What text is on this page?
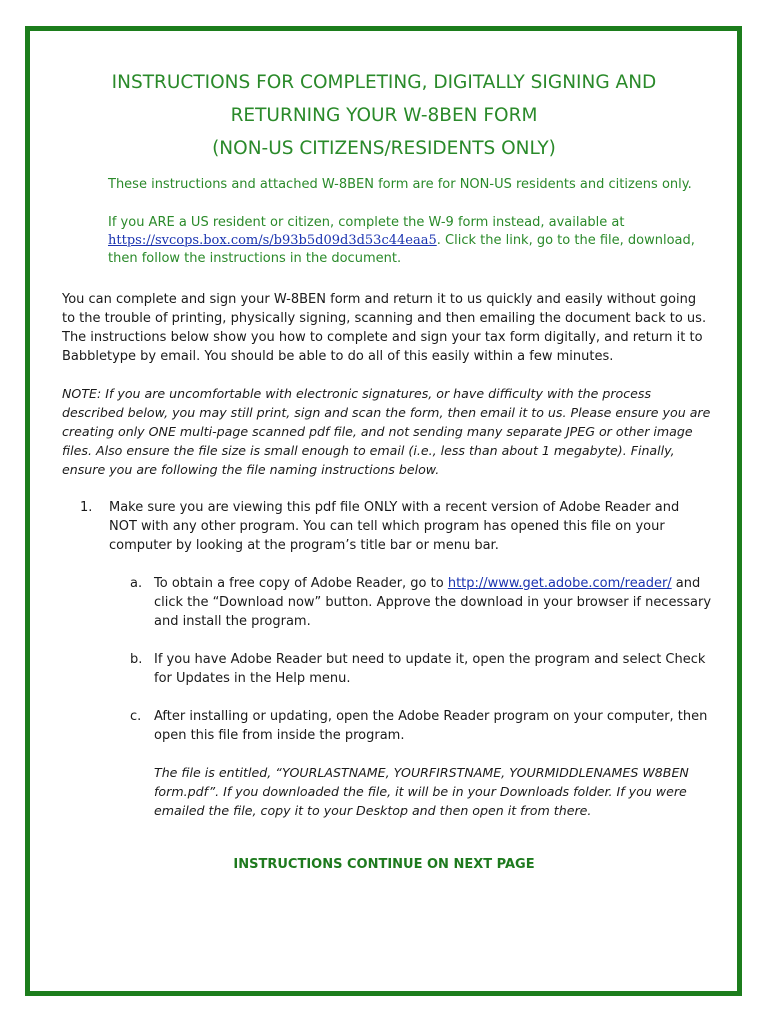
INSTRUCTIONS FOR COMPLETING, DIGITALLY SIGNING AND
RETURNING YOUR W-8BEN FORM
(NON-US CITIZENS/RESIDENTS ONLY)
These instructions and attached W-8BEN form are for NON-US residents and citizens only.
If you ARE a US resident or citizen, complete the W-9 form instead, available at
https://svcops.box.com/s/b93b5d09d3d53c44eaa5. Click the link, go to the file, download, then follow the instructions in the document.
You can complete and sign your W-8BEN form and return it to us quickly and easily without going to the trouble of printing, physically signing, scanning and then emailing the document back to us. The instructions below show you how to complete and sign your tax form digitally, and return it to Babbletype by email. You should be able to do all of this easily within a few minutes.
NOTE: If you are uncomfortable with electronic signatures, or have difficulty with the process described below, you may still print, sign and scan the form, then email it to us. Please ensure you are creating only ONE multi-page scanned pdf file, and not sending many separate JPEG or other image files. Also ensure the file size is small enough to email (i.e., less than about 1 megabyte). Finally, ensure you are following the file naming instructions below.
1. Make sure you are viewing this pdf file ONLY with a recent version of Adobe Reader and NOT with any other program. You can tell which program has opened this file on your computer by looking at the program’s title bar or menu bar.
a. To obtain a free copy of Adobe Reader, go to http://www.get.adobe.com/reader/ and click the “Download now” button. Approve the download in your browser if necessary and install the program.
b. If you have Adobe Reader but need to update it, open the program and select Check for Updates in the Help menu.
c. After installing or updating, open the Adobe Reader program on your computer, then open this file from inside the program.
The file is entitled, “YOURLASTNAME, YOURFIRSTNAME, YOURMIDDLENAMES W8BEN form.pdf”. If you downloaded the file, it will be in your Downloads folder. If you were emailed the file, copy it to your Desktop and then open it from there.
INSTRUCTIONS CONTINUE ON NEXT PAGE
